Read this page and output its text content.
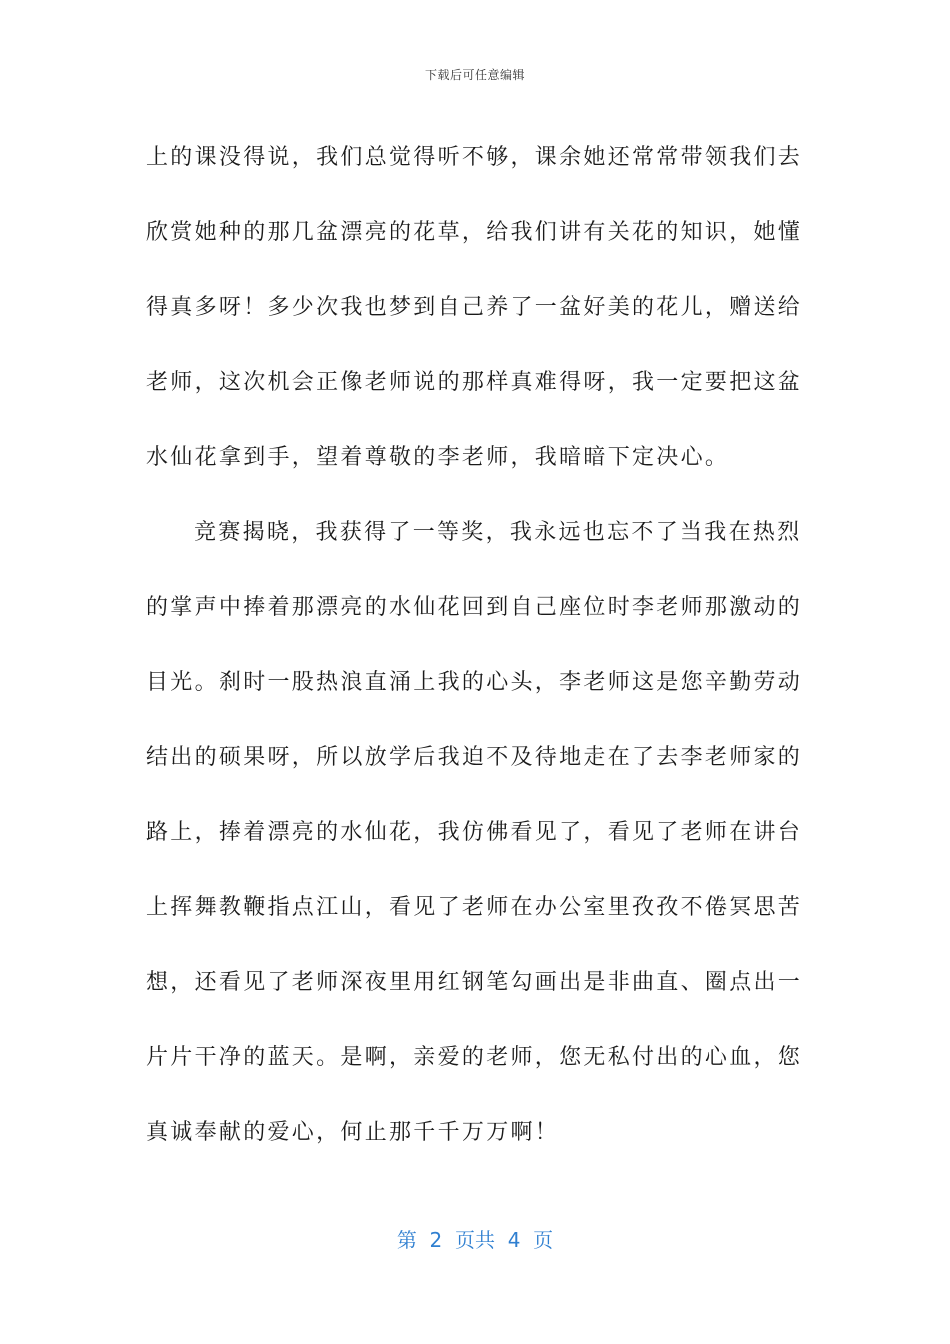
下载后可任意编辑
上的课没得说，我们总觉得听不够，课余她还常常带领我们去
欣赏她种的那几盆漂亮的花草，给我们讲有关花的知识，她懂
得真多呀！多少次我也梦到自己养了一盆好美的花儿，赠送给
老师，这次机会正像老师说的那样真难得呀，我一定要把这盆
水仙花拿到手，望着尊敬的李老师，我暗暗下定决心。
竞赛揭晓，我获得了一等奖，我永远也忘不了当我在热烈
的掌声中捧着那漂亮的水仙花回到自己座位时李老师那激动的
目光。刹时一股热浪直涌上我的心头，李老师这是您辛勤劳动
结出的硕果呀，所以放学后我迫不及待地走在了去李老师家的
路上，捧着漂亮的水仙花，我仿佛看见了，看见了老师在讲台
上挥舞教鞭指点江山，看见了老师在办公室里孜孜不倦冥思苦
想，还看见了老师深夜里用红钢笔勾画出是非曲直、圈点出一
片片干净的蓝天。是啊，亲爱的老师，您无私付出的心血，您
真诚奉献的爱心，何止那千千万万啊！
第  2  页共  4  页
